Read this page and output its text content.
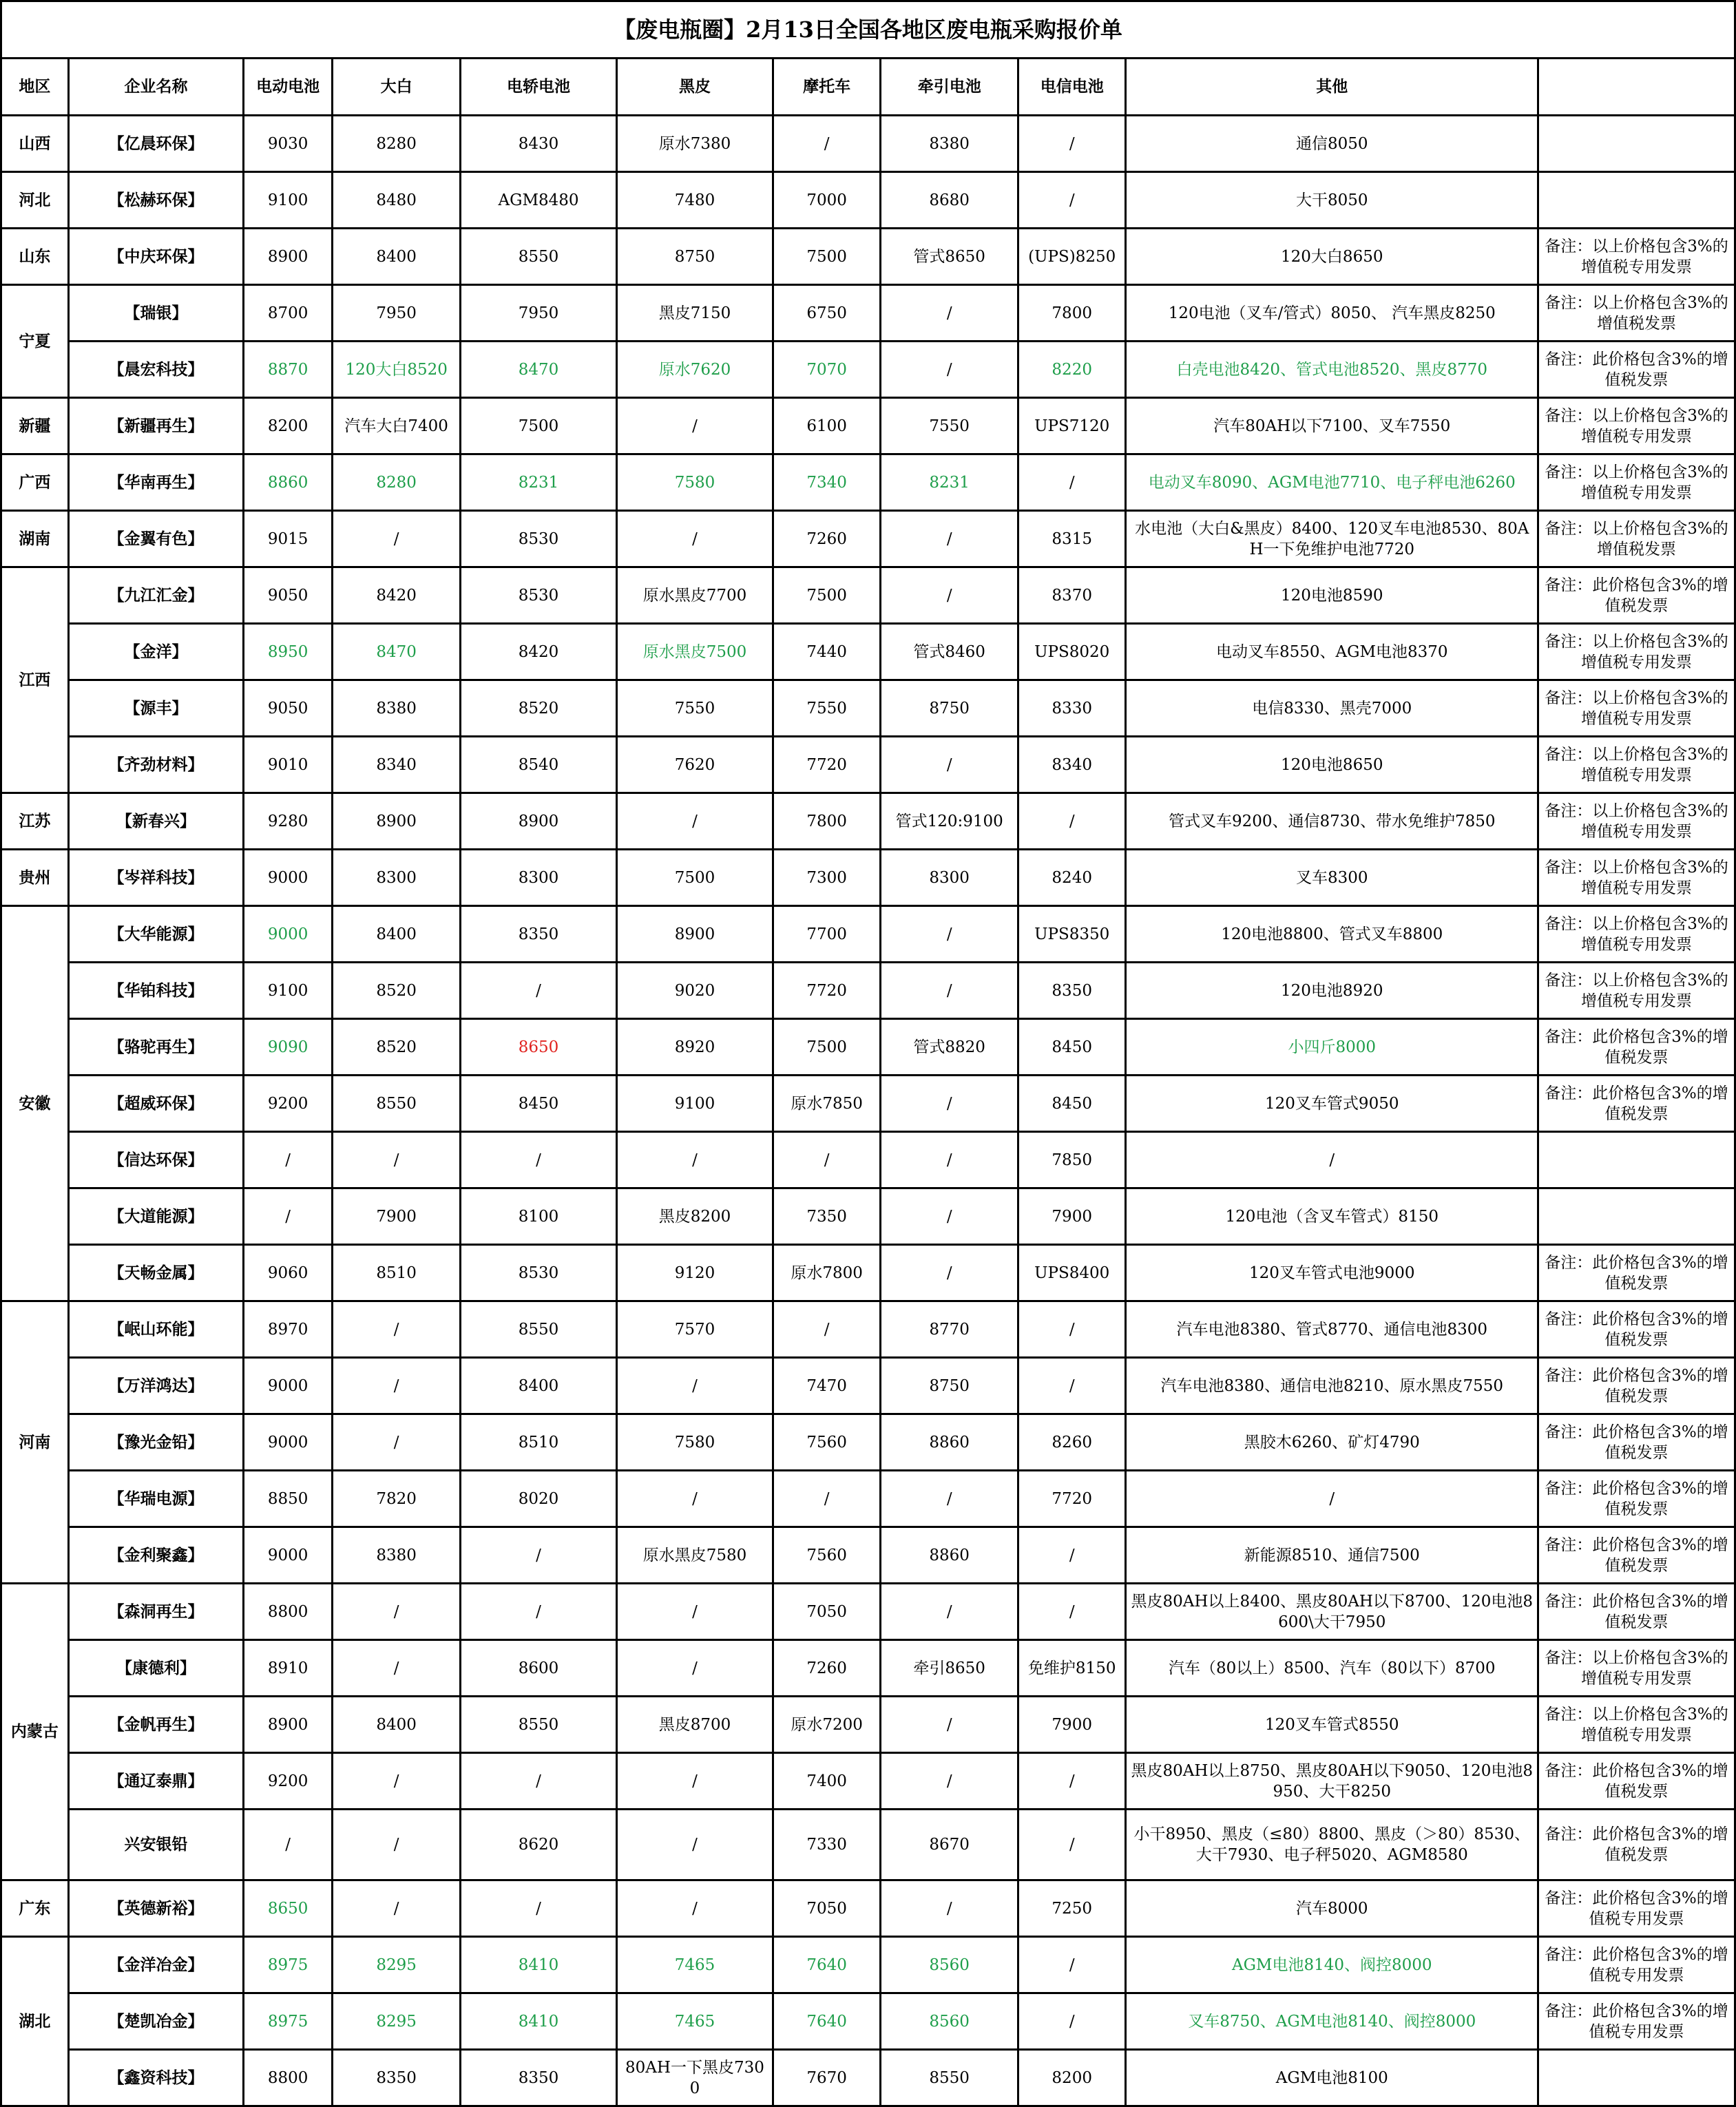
【废电瓶圈】2月13日全国各地区废电瓶采购报价单										
地区	企业名称	电动电池	大白	电轿电池	黑皮	摩托车	牵引电池	电信电池	其他	
山西	【亿晨环保】	9030	8280	8430	原水7380	/	8380	/	通信8050	
河北	【松赫环保】	9100	8480	AGM8480	7480	7000	8680	/	大干8050	
山东	【中庆环保】	8900	8400	8550	8750	7500	管式8650	(UPS)8250	120大白8650	备注：以上价格包含3%的增值税专用发票
宁夏	【瑞银】	8700	7950	7950	黑皮7150	6750	/	7800	120电池（叉车/管式）8050、 汽车黑皮8250	备注：以上价格包含3%的增值税发票
	【晨宏科技】	8870	120大白8520	8470	原水7620	7070	/	8220	白壳电池8420、管式电池8520、黑皮8770	备注：此价格包含3%的增值税发票
新疆	【新疆再生】	8200	汽车大白7400	7500	/	6100	7550	UPS7120	汽车80AH以下7100、叉车7550	备注：以上价格包含3%的增值税专用发票
广西	【华南再生】	8860	8280	8231	7580	7340	8231	/	电动叉车8090、AGM电池7710、电子秤电池6260	备注：以上价格包含3%的增值税专用发票
湖南	【金翼有色】	9015	/	8530	/	7260	/	8315	水电池（大白&黑皮）8400、120叉车电池8530、80AH一下免维护电池7720	备注：以上价格包含3%的增值税发票
江西	【九江汇金】	9050	8420	8530	原水黑皮7700	7500	/	8370	120电池8590	备注：此价格包含3%的增值税发票
	【金洋】	8950	8470	8420	原水黑皮7500	7440	管式8460	UPS8020	电动叉车8550、AGM电池8370	备注：以上价格包含3%的增值税专用发票
	【源丰】	9050	8380	8520	7550	7550	8750	8330	电信8330、黑壳7000	备注：以上价格包含3%的增值税专用发票
	【齐劲材料】	9010	8340	8540	7620	7720	/	8340	120电池8650	备注：以上价格包含3%的增值税专用发票
江苏	【新春兴】	9280	8900	8900	/	7800	管式120:9100	/	管式叉车9200、通信8730、带水免维护7850	备注：以上价格包含3%的增值税专用发票
贵州	【岑祥科技】	9000	8300	8300	7500	7300	8300	8240	叉车8300	备注：以上价格包含3%的增值税专用发票
安徽	【大华能源】	9000	8400	8350	8900	7700	/	UPS8350	120电池8800、管式叉车8800	备注：以上价格包含3%的增值税专用发票
	【华铂科技】	9100	8520	/	9020	7720	/	8350	120电池8920	备注：以上价格包含3%的增值税专用发票
	【骆驼再生】	9090	8520	8650	8920	7500	管式8820	8450	小四斤8000	备注：此价格包含3%的增值税发票
	【超威环保】	9200	8550	8450	9100	原水7850	/	8450	120叉车管式9050	备注：此价格包含3%的增值税发票
	【信达环保】	/	/	/	/	/	/	7850	/	
	【大道能源】	/	7900	8100	黑皮8200	7350	/	7900	120电池（含叉车管式）8150	
	【天畅金属】	9060	8510	8530	9120	原水7800	/	UPS8400	120叉车管式电池9000	备注：此价格包含3%的增值税发票
河南	【岷山环能】	8970	/	8550	7570	/	8770	/	汽车电池8380、管式8770、通信电池8300	备注：此价格包含3%的增值税发票
	【万洋鸿达】	9000	/	8400	/	7470	8750	/	汽车电池8380、通信电池8210、原水黑皮7550	备注：此价格包含3%的增值税发票
	【豫光金铅】	9000	/	8510	7580	7560	8860	8260	黑胶木6260、矿灯4790	备注：此价格包含3%的增值税发票
	【华瑞电源】	8850	7820	8020	/	/	/	7720	/	备注：此价格包含3%的增值税发票
	【金利聚鑫】	9000	8380	/	原水黑皮7580	7560	8860	/	新能源8510、通信7500	备注：此价格包含3%的增值税发票
内蒙古	【森洞再生】	8800	/	/	/	7050	/	/	黑皮80AH以上8400、黑皮80AH以下8700、120电池8600\大干7950	备注：此价格包含3%的增值税发票
	【康德利】	8910	/	8600	/	7260	牵引8650	免维护8150	汽车（80以上）8500、汽车（80以下）8700	备注：以上价格包含3%的增值税专用发票
	【金帆再生】	8900	8400	8550	黑皮8700	原水7200	/	7900	120叉车管式8550	备注：以上价格包含3%的增值税专用发票
	【通辽泰鼎】	9200	/	/	/	7400	/	/	黑皮80AH以上8750、黑皮80AH以下9050、120电池8950、大干8250	备注：此价格包含3%的增值税发票
	兴安银铅	/	/	8620	/	7330	8670	/	小干8950、黑皮（≤80）8800、黑皮（＞80）8530、大干7930、电子秤5020、AGM8580	备注：此价格包含3%的增值税发票
广东	【英德新裕】	8650	/	/	/	7050	/	7250	汽车8000	备注：此价格包含3%的增值税专用发票
湖北	【金洋冶金】	8975	8295	8410	7465	7640	8560	/	AGM电池8140、阀控8000	备注：此价格包含3%的增值税专用发票
	【楚凯冶金】	8975	8295	8410	7465	7640	8560	/	叉车8750、AGM电池8140、阀控8000	备注：此价格包含3%的增值税专用发票
	【鑫资科技】	8800	8350	8350	80AH一下黑皮7300	7670	8550	8200	AGM电池8100	
